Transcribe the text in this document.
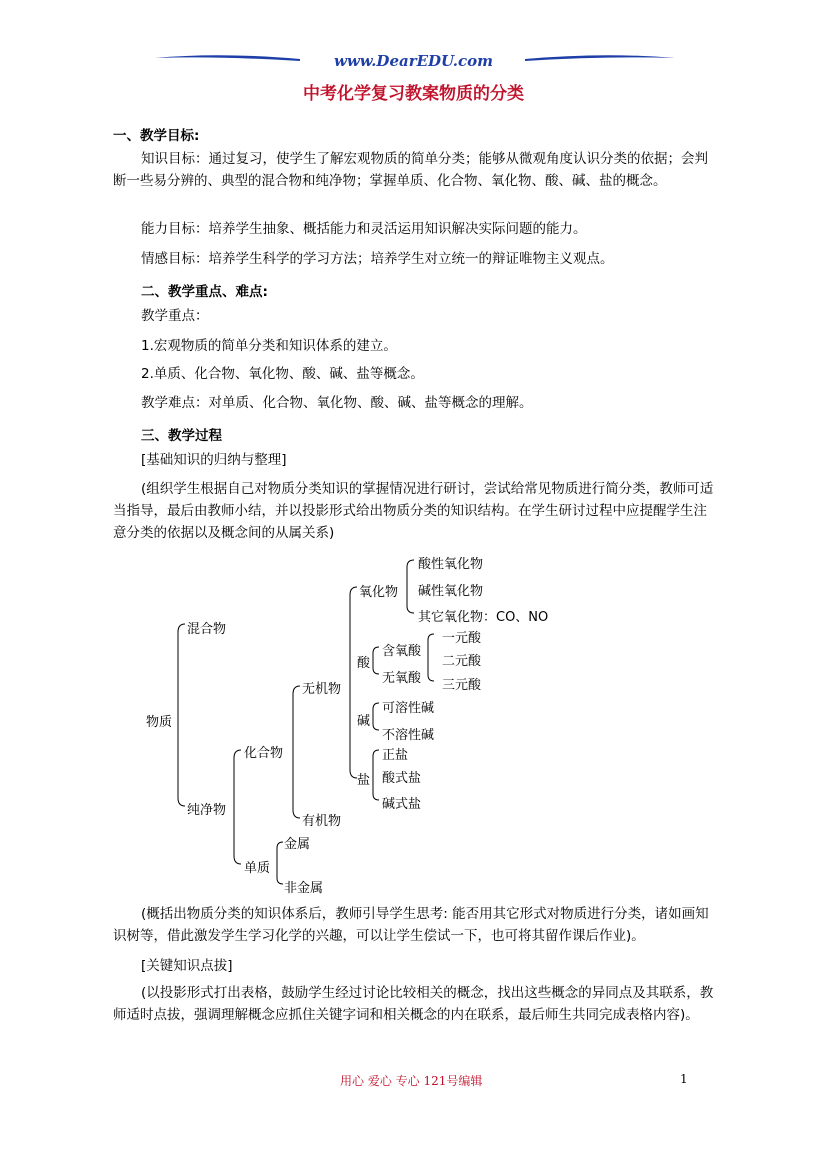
www.DearEDU.com
中考化学复习教案物质的分类
一、教学目标:
知识目标：通过复习，使学生了解宏观物质的简单分类；能够从微观角度认识分类的依据；会判断一些易分辨的、典型的混合物和纯净物；掌握单质、化合物、氧化物、酸、碱、盐的概念。
能力目标：培养学生抽象、概括能力和灵活运用知识解决实际问题的能力。
情感目标：培养学生科学的学习方法；培养学生对立统一的辩证唯物主义观点。
二、教学重点、难点:
教学重点：
1.宏观物质的简单分类和知识体系的建立。
2.单质、化合物、氧化物、酸、碱、盐等概念。
教学难点：对单质、化合物、氧化物、酸、碱、盐等概念的理解。
三、教学过程
[基础知识的归纳与整理]
(组织学生根据自己对物质分类知识的掌握情况进行研讨，尝试给常见物质进行简分类，教师可适当指导，最后由教师小结，并以投影形式给出物质分类的知识结构。在学生研讨过程中应提醒学生注意分类的依据以及概念间的从属关系)
物质
混合物
纯净物
化合物
单质
金属
非金属
无机物
有机物
氧化物
酸性氧化物
碱性氧化物
其它氧化物：CO、NO
酸
含氧酸
无氧酸
一元酸
二元酸
三元酸
碱
可溶性碱
不溶性碱
盐
正盐
酸式盐
碱式盐
(概括出物质分类的知识体系后，教师引导学生思考: 能否用其它形式对物质进行分类，诸如画知识树等，借此激发学生学习化学的兴趣，可以让学生偿试一下，也可将其留作课后作业)。
[关键知识点拔]
(以投影形式打出表格，鼓励学生经过讨论比较相关的概念，找出这些概念的异同点及其联系，教师适时点拔，强调理解概念应抓住关键字词和相关概念的内在联系，最后师生共同完成表格内容)。
用心 爱心 专心 121号编辑	1
